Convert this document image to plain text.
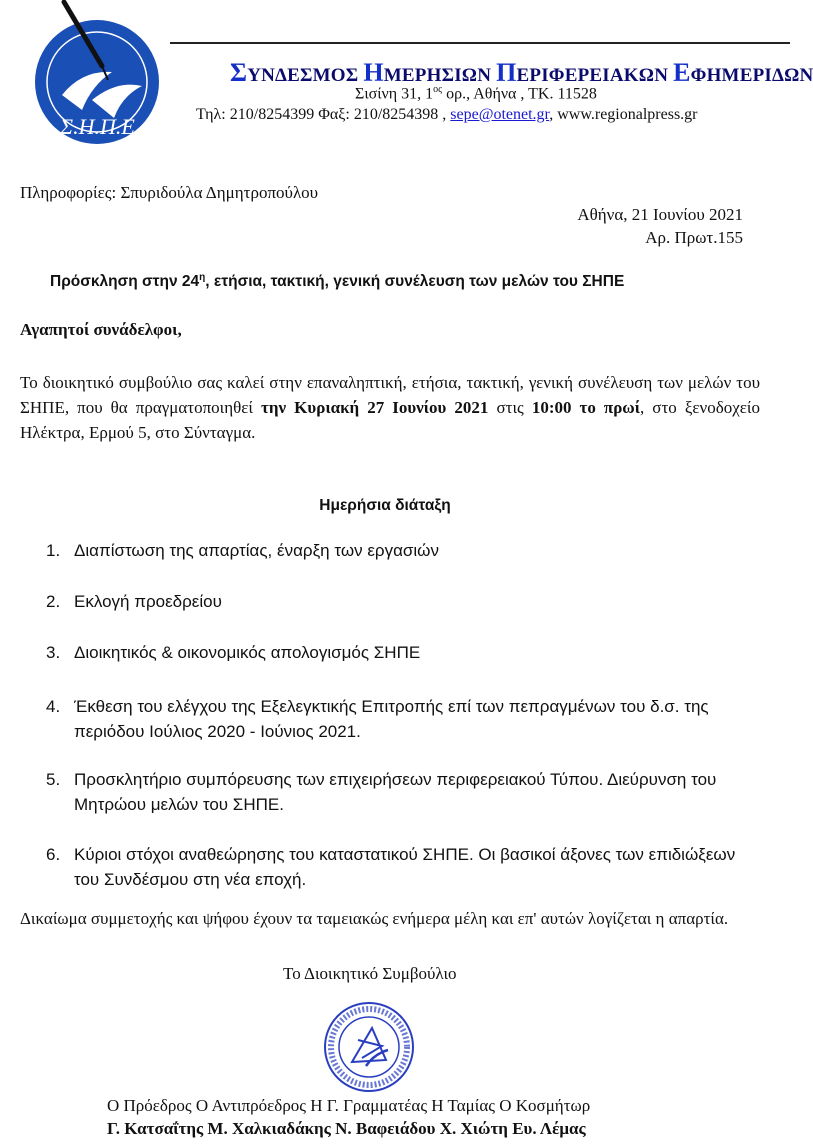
Σ.Η.Π.Ε
ΣΥΝΔΕΣΜΟΣ ΗΜΕΡΗΣΙΩΝ ΠΕΡΙΦΕΡΕΙΑΚΩΝ ΕΦΗΜΕΡΙΔΩΝ
Σισίνη 31, $1^{o\varsigma}$ ορ., Αθήνα , ΤΚ. 11528
Τηλ: 210/8254399 Φαξ: 210/8254398 , sepe@otenet.gr, www.regionalpress.gr
Πληροφορίες: Σπυριδούλα Δημητροπούλου
Αθήνα, 21 Ιουνίου 2021
Αρ. Πρωτ.155
Πρόσκληση στην $24^\eta$, ετήσια, τακτική, γενική συνέλευση των μελών του ΣΗΠΕ
Αγαπητοί συνάδελφοι,
Το διοικητικό συμβούλιο σας καλεί στην επαναληπτική, ετήσια, τακτική, γενική συνέλευση των μελών του ΣΗΠΕ, που θα πραγματοποιηθεί την Κυριακή 27 Ιουνίου 2021 στις 10:00 το πρωί, στο ξενοδοχείο Ηλέκτρα, Ερμού 5, στο Σύνταγμα.
Ημερήσια διάταξη
1. Διαπίστωση της απαρτίας, έναρξη των εργασιών
2. Εκλογή προεδρείου
3. Διοικητικός & οικονομικός απολογισμός ΣΗΠΕ
4. Έκθεση του ελέγχου της Εξελεγκτικής Επιτροπής επί των πεπραγμένων του δ.σ. της περιόδου Ιούλιος 2020 - Ιούνιος 2021.
5. Προσκλητήριο συμπόρευσης των επιχειρήσεων περιφερειακού Τύπου. Διεύρυνση του Μητρώου μελών του ΣΗΠΕ.
6. Κύριοι στόχοι αναθεώρησης του καταστατικού ΣΗΠΕ. Οι βασικοί άξονες των επιδιώξεων του Συνδέσμου στη νέα εποχή.
Δικαίωμα συμμετοχής και ψήφου έχουν τα ταμειακώς ενήμερα μέλη και επ' αυτών λογίζεται η απαρτία.
Το Διοικητικό Συμβούλιο
Ο Πρόεδρος Ο Αντιπρόεδρος Η Γ. Γραμματέας Η Ταμίας Ο Κοσμήτωρ
Γ. Κατσαΐτης Μ. Χαλκιαδάκης Ν. Βαφειάδου Χ. Χιώτη Ευ. Λέμας
